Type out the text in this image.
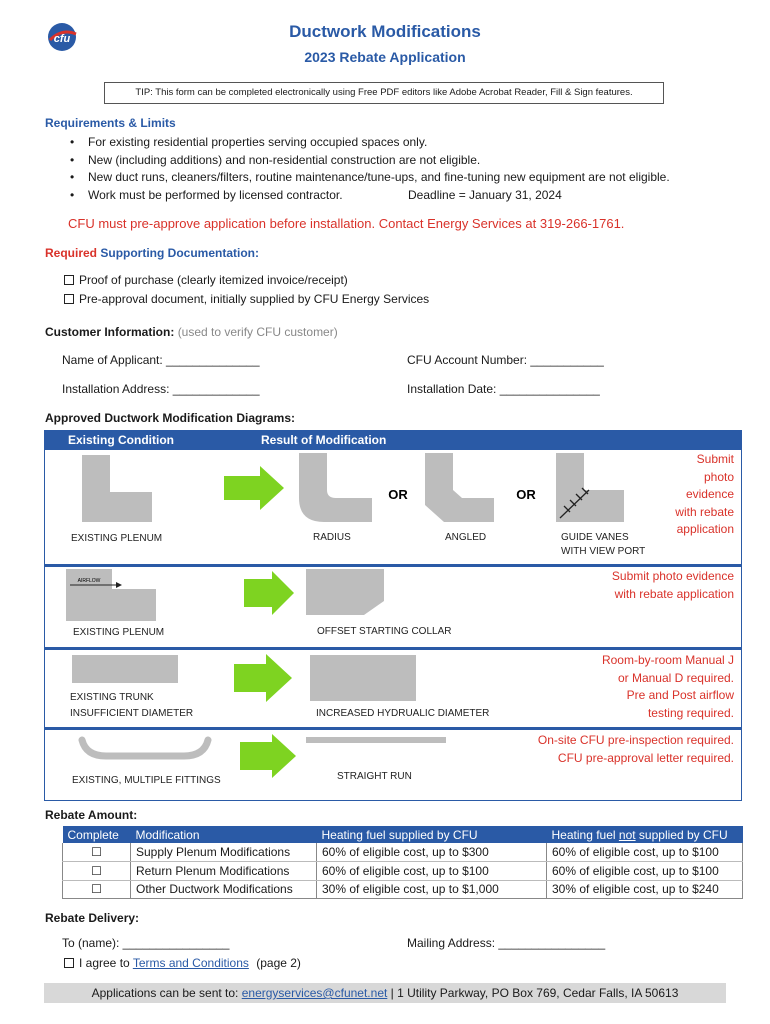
cfu	Ductwork Modifications
2023 Rebate Application
TIP: This form can be completed electronically using Free PDF editors like Adobe Acrobat Reader, Fill & Sign features.
Requirements & Limits
• For existing residential properties serving occupied spaces only.
• New (including additions) and non-residential construction are not eligible.
• New duct runs, cleaners/filters, routine maintenance/tune-ups, and fine-tuning new equipment are not eligible.
• Work must be performed by licensed contractor.	Deadline = January 31, 2024
CFU must pre-approve application before installation. Contact Energy Services at 319-266-1761.
Required Supporting Documentation:
Proof of purchase (clearly itemized invoice/receipt)
Pre-approval document, initially supplied by CFU Energy Services
Customer Information: (used to verify CFU customer)
Name of Applicant: ______________	CFU Account Number: ___________
Installation Address: _____________	Installation Date: _______________
Approved Ductwork Modification Diagrams:
Existing Condition	Result of Modification
OR	OR
EXISTING PLENUM	RADIUS	ANGLED	GUIDE VANES
WITH VIEW PORT
Submit
photo
evidence
with rebate
application
AIRFLOW
EXISTING PLENUM	OFFSET STARTING COLLAR
Submit photo evidence
with rebate application
EXISTING TRUNK
INSUFFICIENT DIAMETER	INCREASED HYDRUALIC DIAMETER
Room-by-room Manual J
or Manual D required.
Pre and Post airflow
testing required.
EXISTING, MULTIPLE FITTINGS	STRAIGHT RUN
On-site CFU pre-inspection required.
CFU pre-approval letter required.
Rebate Amount:
Complete	Modification	Heating fuel supplied by CFU	Heating fuel not supplied by CFU
☐	Supply Plenum Modifications	60% of eligible cost, up to $300	60% of eligible cost, up to $100
☐	Return Plenum Modifications	60% of eligible cost, up to $100	60% of eligible cost, up to $100
☐	Other Ductwork Modifications	30% of eligible cost, up to $1,000	30% of eligible cost, up to $240
Rebate Delivery:
To (name): ________________	Mailing Address: ________________
I agree to Terms and Conditions (page 2)
Applications can be sent to: energyservices@cfunet.net | 1 Utility Parkway, PO Box 769, Cedar Falls, IA 50613
